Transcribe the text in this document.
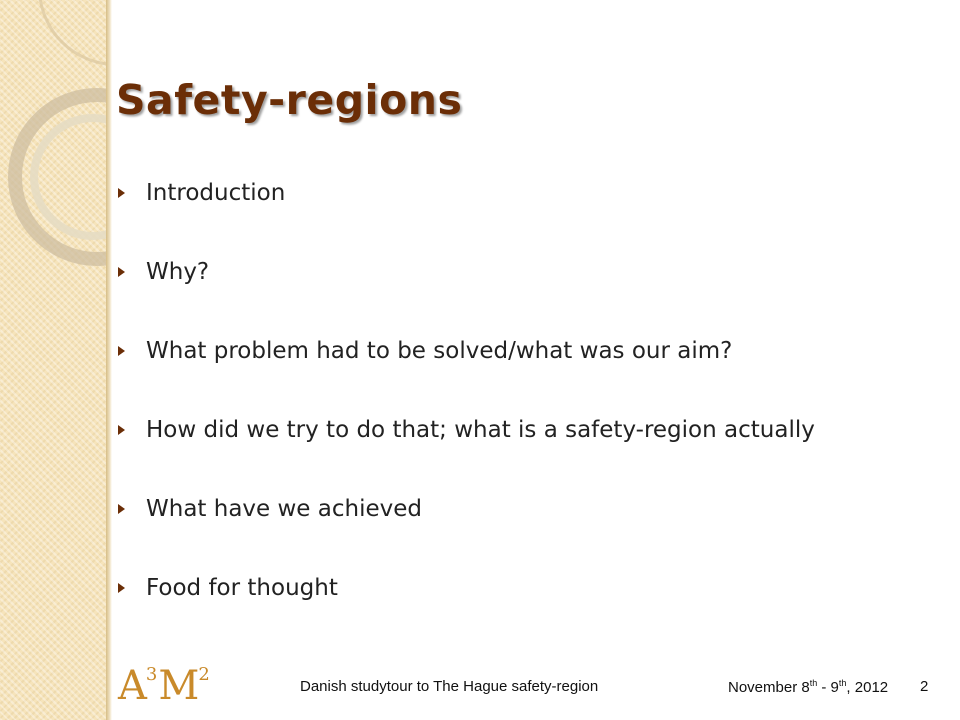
Safety-regions
Introduction
Why?
What problem had to be solved/what was our aim?
How did we try to do that; what is a safety-region actually
What have we achieved
Food for thought
A 3 M 2
Danish studytour to The Hague safety-region	November 8th - 9th, 2012 2
